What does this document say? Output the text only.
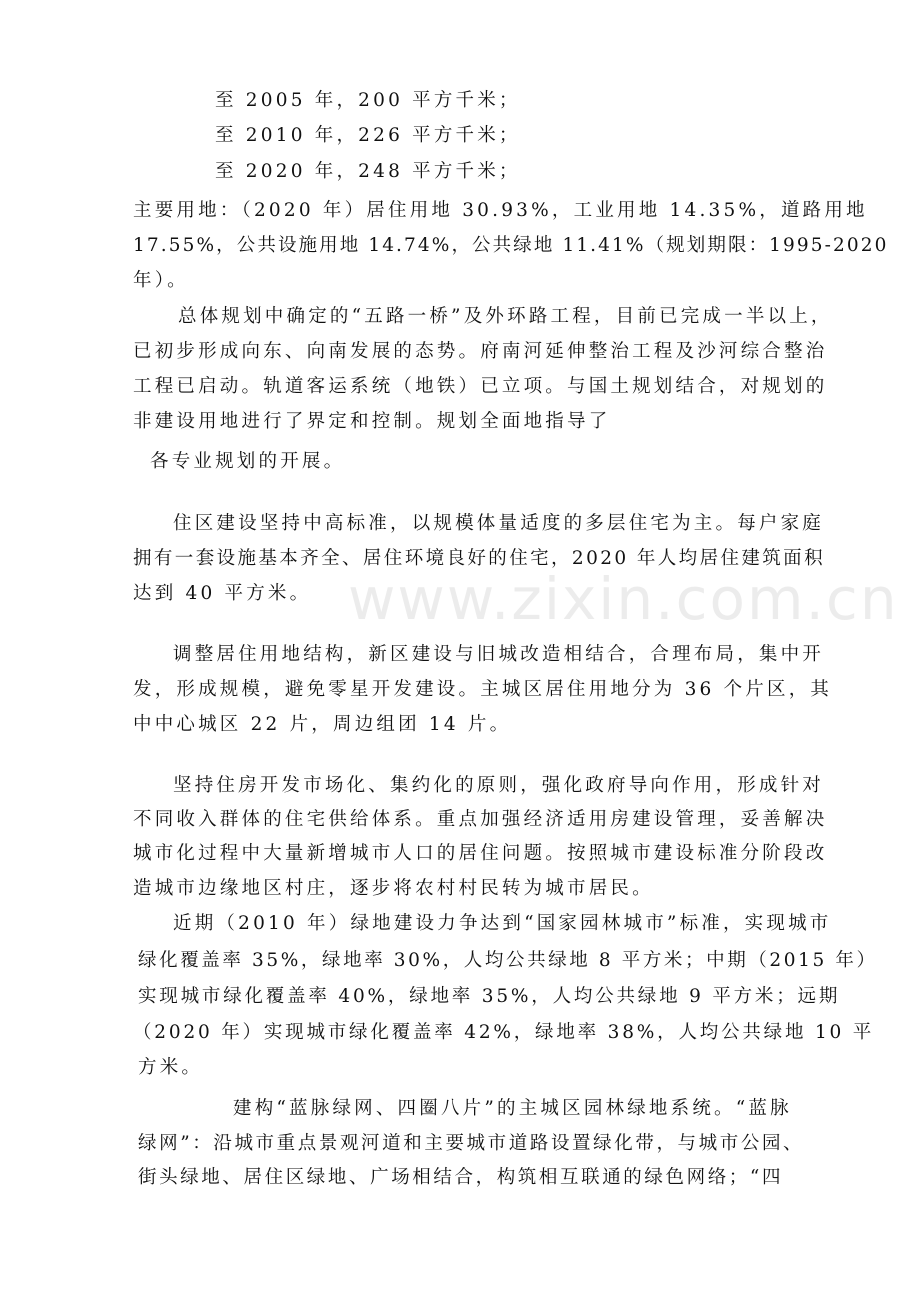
www.zixin.com.cn
至 2005 年，200 平方千米；
至 2010 年，226 平方千米；
至 2020 年，248 平方千米；
主要用地：（2020 年）居住用地 30.93%，工业用地 14.35%，道路用地
17.55%，公共设施用地 14.74%，公共绿地 11.41%（规划期限：1995-2020
年）。
总体规划中确定的“五路一桥”及外环路工程，目前已完成一半以上，
已初步形成向东、向南发展的态势。府南河延伸整治工程及沙河综合整治
工程已启动。轨道客运系统（地铁）已立项。与国土规划结合，对规划的
非建设用地进行了界定和控制。规划全面地指导了
各专业规划的开展。
住区建设坚持中高标准，以规模体量适度的多层住宅为主。每户家庭
拥有一套设施基本齐全、居住环境良好的住宅，2020 年人均居住建筑面积
达到 40 平方米。
调整居住用地结构，新区建设与旧城改造相结合，合理布局，集中开
发，形成规模，避免零星开发建设。主城区居住用地分为 36 个片区，其
中中心城区 22 片，周边组团 14 片。
坚持住房开发市场化、集约化的原则，强化政府导向作用，形成针对
不同收入群体的住宅供给体系。重点加强经济适用房建设管理，妥善解决
城市化过程中大量新增城市人口的居住问题。按照城市建设标准分阶段改
造城市边缘地区村庄，逐步将农村村民转为城市居民。
近期（2010 年）绿地建设力争达到“国家园林城市”标准，实现城市
绿化覆盖率 35%，绿地率 30%，人均公共绿地 8 平方米；中期（2015 年）
实现城市绿化覆盖率 40%，绿地率 35%，人均公共绿地 9 平方米；远期
（2020 年）实现城市绿化覆盖率 42%，绿地率 38%，人均公共绿地 10 平
方米。
建构“蓝脉绿网、四圈八片”的主城区园林绿地系统。“蓝脉
绿网”：沿城市重点景观河道和主要城市道路设置绿化带，与城市公园、
街头绿地、居住区绿地、广场相结合，构筑相互联通的绿色网络；“四
